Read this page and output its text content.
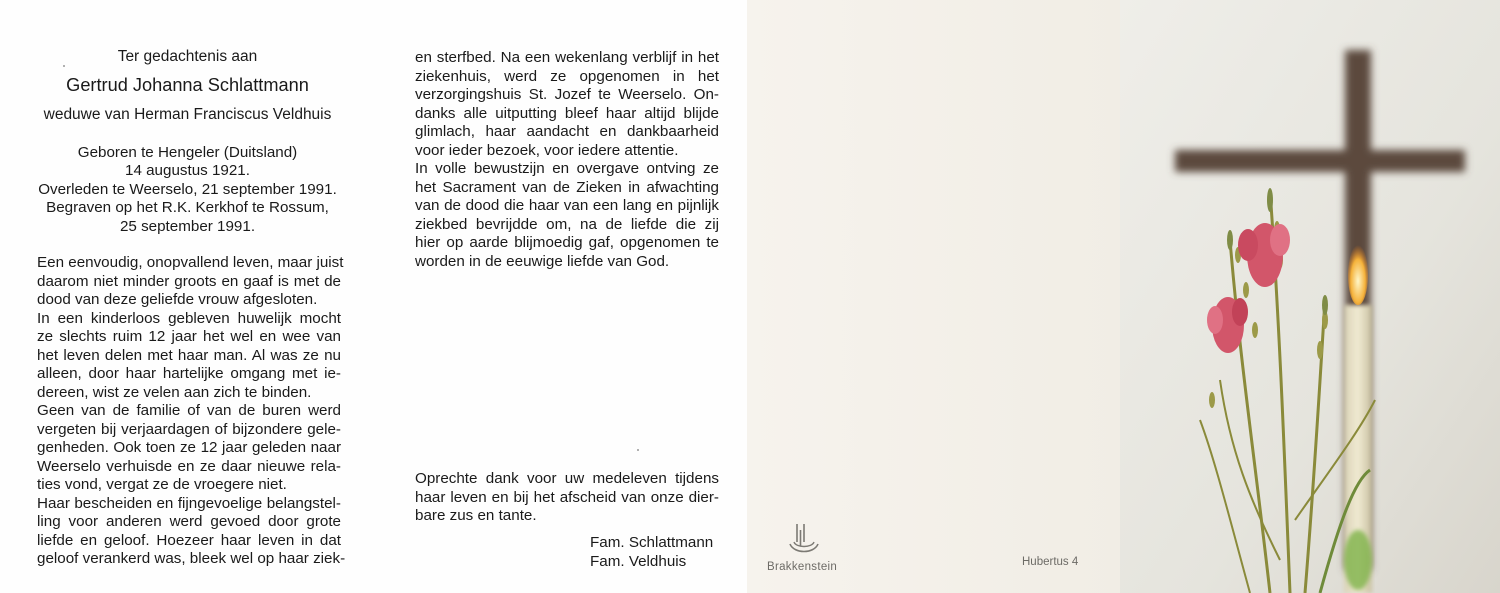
Ter gedachtenis aan
Gertrud Johanna Schlattmann
weduwe van Herman Franciscus Veldhuis
Geboren te Hengeler (Duitsland)
14 augustus 1921.
Overleden te Weerselo, 21 september 1991.
Begraven op het R.K. Kerkhof te Rossum,
25 september 1991.
Een eenvoudig, onopvallend leven, maar juist
daarom niet minder groots en gaaf is met de
dood van deze geliefde vrouw afgesloten.
In een kinderloos gebleven huwelijk mocht
ze slechts ruim 12 jaar het wel en wee van
het leven delen met haar man. Al was ze nu
alleen, door haar hartelijke omgang met ie-
dereen, wist ze velen aan zich te binden.
Geen van de familie of van de buren werd
vergeten bij verjaardagen of bijzondere gele-
genheden. Ook toen ze 12 jaar geleden naar
Weerselo verhuisde en ze daar nieuwe rela-
ties vond, vergat ze de vroegere niet.
Haar bescheiden en fijngevoelige belangstel-
ling voor anderen werd gevoed door grote
liefde en geloof. Hoezeer haar leven in dat
geloof verankerd was, bleek wel op haar ziek-
en sterfbed. Na een wekenlang verblijf in het
ziekenhuis, werd ze opgenomen in het
verzorgingshuis St. Jozef te Weerselo. On-
danks alle uitputting bleef haar altijd blijde
glimlach, haar aandacht en dankbaarheid
voor ieder bezoek, voor iedere attentie.
In volle bewustzijn en overgave ontving ze
het Sacrament van de Zieken in afwachting
van de dood die haar van een lang en pijnlijk
ziekbed bevrijdde om, na de liefde die zij
hier op aarde blijmoedig gaf, opgenomen te
worden in de eeuwige liefde van God.
Oprechte dank voor uw medeleven tijdens
haar leven en bij het afscheid van onze dier-
bare zus en tante.
Fam. Schlattmann
Fam. Veldhuis	Brakkenstein	Hubertus 4
